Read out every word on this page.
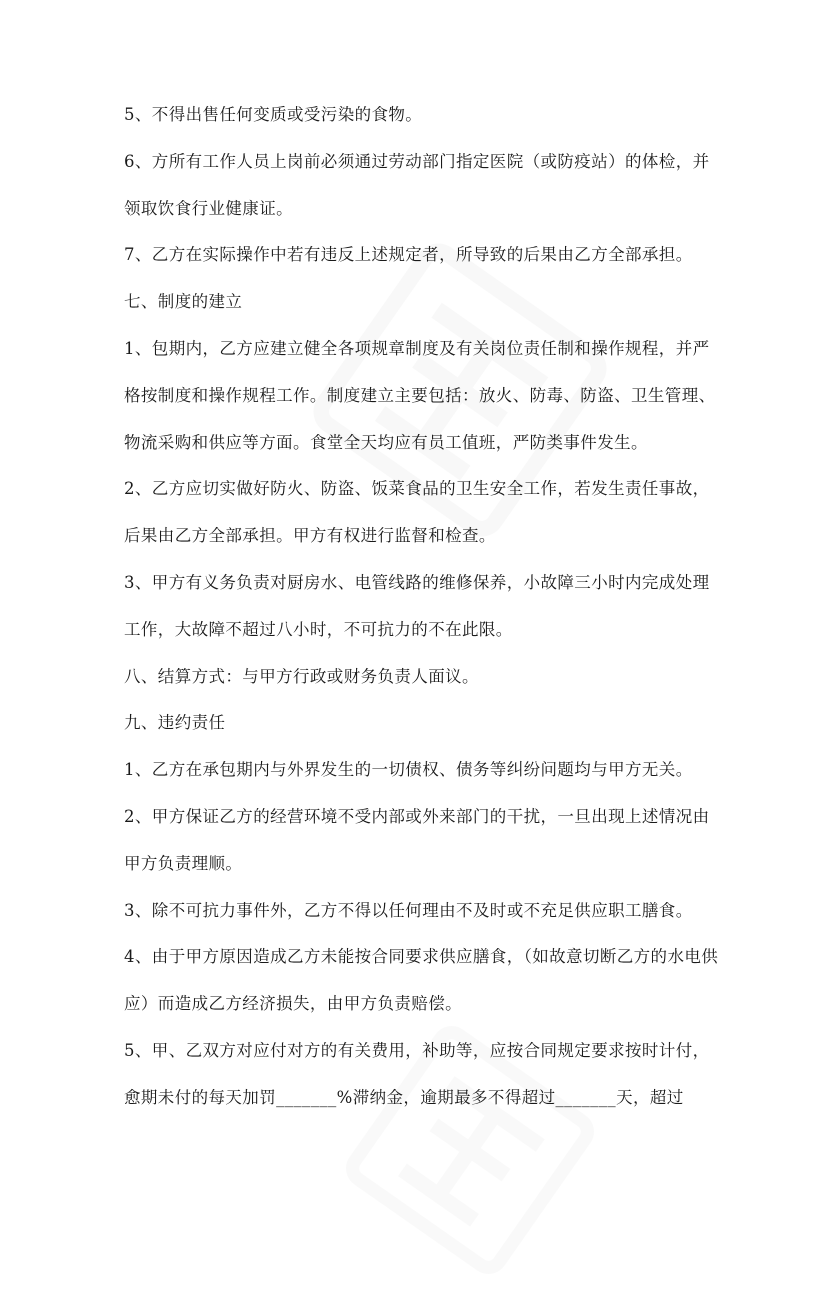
5、不得出售任何变质或受污染的食物。
6、方所有工作人员上岗前必须通过劳动部门指定医院（或防疫站）的体检，并
领取饮食行业健康证。
7、乙方在实际操作中若有违反上述规定者，所导致的后果由乙方全部承担。
七、制度的建立
1、包期内，乙方应建立健全各项规章制度及有关岗位责任制和操作规程，并严
格按制度和操作规程工作。制度建立主要包括：放火、防毒、防盗、卫生管理、
物流采购和供应等方面。食堂全天均应有员工值班，严防类事件发生。
2、乙方应切实做好防火、防盗、饭菜食品的卫生安全工作，若发生责任事故，
后果由乙方全部承担。甲方有权进行监督和检查。
3、甲方有义务负责对厨房水、电管线路的维修保养，小故障三小时内完成处理
工作，大故障不超过八小时，不可抗力的不在此限。
八、结算方式：与甲方行政或财务负责人面议。
九、违约责任
1、乙方在承包期内与外界发生的一切债权、债务等纠纷问题均与甲方无关。
2、甲方保证乙方的经营环境不受内部或外来部门的干扰，一旦出现上述情况由
甲方负责理顺。
3、除不可抗力事件外，乙方不得以任何理由不及时或不充足供应职工膳食。
4、由于甲方原因造成乙方未能按合同要求供应膳食，（如故意切断乙方的水电供
应）而造成乙方经济损失，由甲方负责赔偿。
5、甲、乙双方对应付对方的有关费用，补助等，应按合同规定要求按时计付，
愈期未付的每天加罚_______%滞纳金，逾期最多不得超过_______天，超过
